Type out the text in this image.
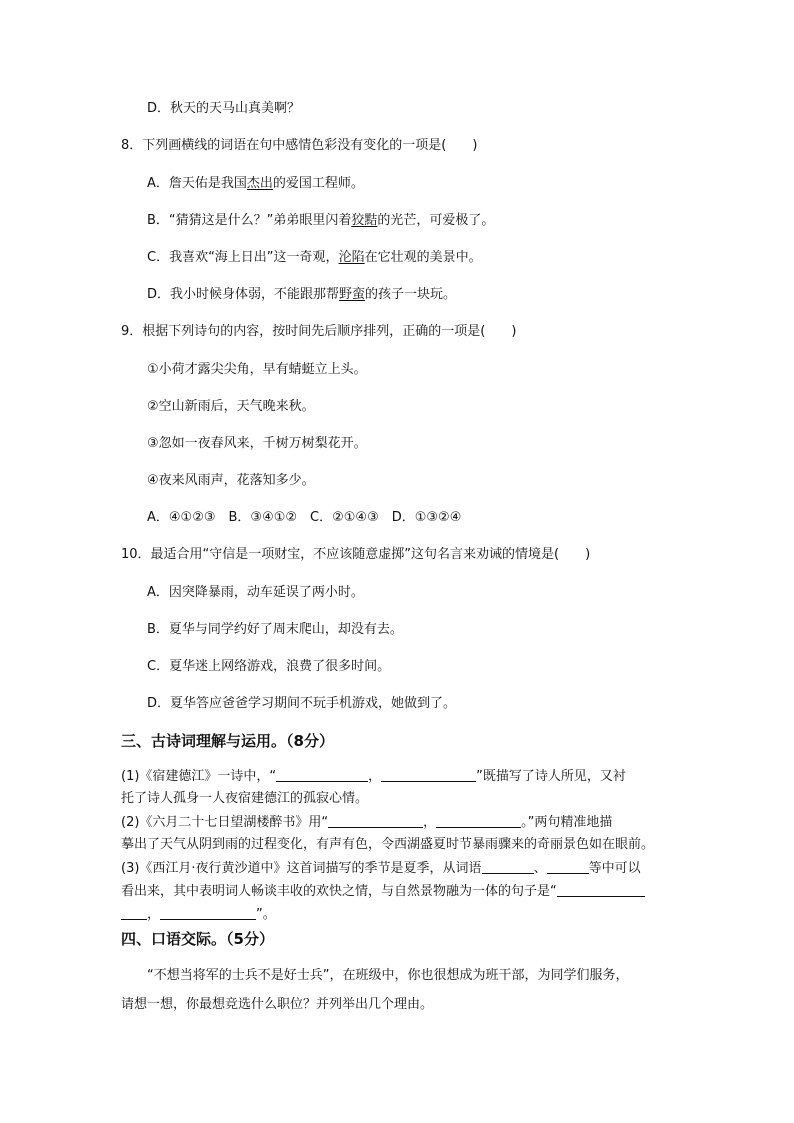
D．秋天的天马山真美啊？
8．下列画横线的词语在句中感情色彩没有变化的一项是(　　)
A．詹天佑是我国杰出的爱国工程师。
B．“猜猜这是什么？”弟弟眼里闪着狡黠的光芒，可爱极了。
C．我喜欢“海上日出”这一奇观，沦陷在它壮观的美景中。
D．我小时候身体弱，不能跟那帮野蛮的孩子一块玩。
9．根据下列诗句的内容，按时间先后顺序排列，正确的一项是(　　)
①小荷才露尖尖角，早有蜻蜓立上头。
②空山新雨后，天气晚来秋。
③忽如一夜春风来，千树万树梨花开。
④夜来风雨声，花落知多少。
A．④①②③　B．③④①②　C．②①④③　D．①③②④
10．最适合用“守信是一项财宝，不应该随意虚掷”这句名言来劝诫的情境是(　　)
A．因突降暴雨，动车延误了两小时。
B．夏华与同学约好了周末爬山，却没有去。
C．夏华迷上网络游戏，浪费了很多时间。
D．夏华答应爸爸学习期间不玩手机游戏，她做到了。
三、古诗词理解与运用。（8分）
(1)《宿建德江》一诗中，“	，	”既描写了诗人所见，又衬
托了诗人孤身一人夜宿建德江的孤寂心情。
(2)《六月二十七日望湖楼醉书》用“	，	。”两句精准地描
摹出了天气从阴到雨的过程变化，有声有色，令西湖盛夏时节暴雨骤来的奇丽景色如在眼前。
(3)《西江月·夜行黄沙道中》这首词描写的季节是夏季，从词语	、	等中可以
看出来，其中表明词人畅谈丰收的欢快之情，与自然景物融为一体的句子是“
，	”。
四、口语交际。（5分）
“不想当将军的士兵不是好士兵”，在班级中，你也很想成为班干部，为同学们服务，
请想一想，你最想竞选什么职位？并列举出几个理由。
